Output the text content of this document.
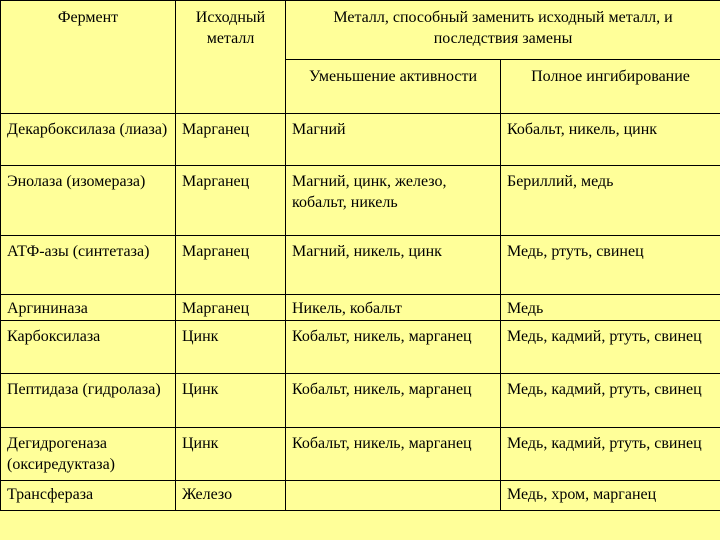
Фермент	Исходный металл	Металл, способный заменить исходный металл, и последствия замены	
		Уменьшение активности	Полное ингибирование
Декарбоксилаза (лиаза)	Марганец	Магний	Кобальт, никель, цинк
Энолаза (изомераза)	Марганец	Магний, цинк, железо, кобальт, никель	Бериллий, медь
АТФ-азы (синтетаза)	Марганец	Магний, никель, цинк	Медь, ртуть, свинец
Аргининаза	Марганец	Никель, кобальт	Медь
Карбоксилаза	Цинк	Кобальт, никель, марганец	Медь, кадмий, ртуть, свинец
Пептидаза (гидролаза)	Цинк	Кобальт, никель, марганец	Медь, кадмий, ртуть, свинец
Дегидрогеназа (оксиредуктаза)	Цинк	Кобальт, никель, марганец	Медь, кадмий, ртуть, свинец
Трансфераза	Железо		Медь, хром, марганец
